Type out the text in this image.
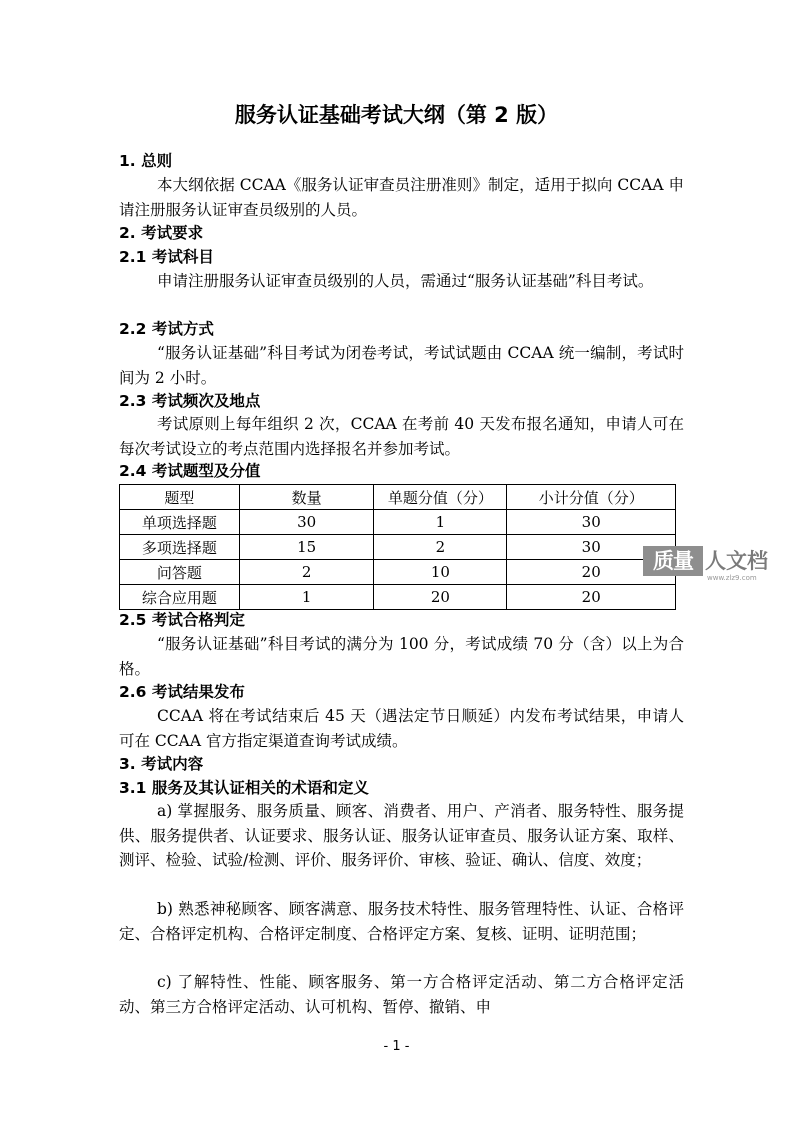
服务认证基础考试大纲（第 2 版）
1. 总则

本大纲依据 CCAA《服务认证审查员注册准则》制定，适用于拟向 CCAA 申请注册服务认证审查员级别的人员。

2. 考试要求
2.1 考试科目

申请注册服务认证审查员级别的人员，需通过“服务认证基础”科目考试。

2.2 考试方式

“服务认证基础”科目考试为闭卷考试，考试试题由 CCAA 统一编制，考试时间为 2 小时。

2.3 考试频次及地点

考试原则上每年组织 2 次，CCAA 在考前 40 天发布报名通知，申请人可在每次考试设立的考点范围内选择报名并参加考试。

2.4 考试题型及分值
题型	数量	单题分值（分）	小计分值（分）
单项选择题	30	1	30
多项选择题	15	2	30
问答题	2	10	20
综合应用题	1	20	20
质量 人文档
www.zlz9.com
2.5 考试合格判定

“服务认证基础”科目考试的满分为 100 分，考试成绩 70 分（含）以上为合格。

2.6 考试结果发布

CCAA 将在考试结束后 45 天（遇法定节日顺延）内发布考试结果，申请人可在 CCAA 官方指定渠道查询考试成绩。

3. 考试内容
3.1 服务及其认证相关的术语和定义

a) 掌握服务、服务质量、顾客、消费者、用户、产消者、服务特性、服务提供、服务提供者、认证要求、服务认证、服务认证审查员、服务认证方案、取样、测评、检验、试验/检测、评价、服务评价、审核、验证、确认、信度、效度；

b) 熟悉神秘顾客、顾客满意、服务技术特性、服务管理特性、认证、合格评定、合格评定机构、合格评定制度、合格评定方案、复核、证明、证明范围；

c) 了解特性、性能、顾客服务、第一方合格评定活动、第二方合格评定活动、第三方合格评定活动、认可机构、暂停、撤销、申

- 1 -
